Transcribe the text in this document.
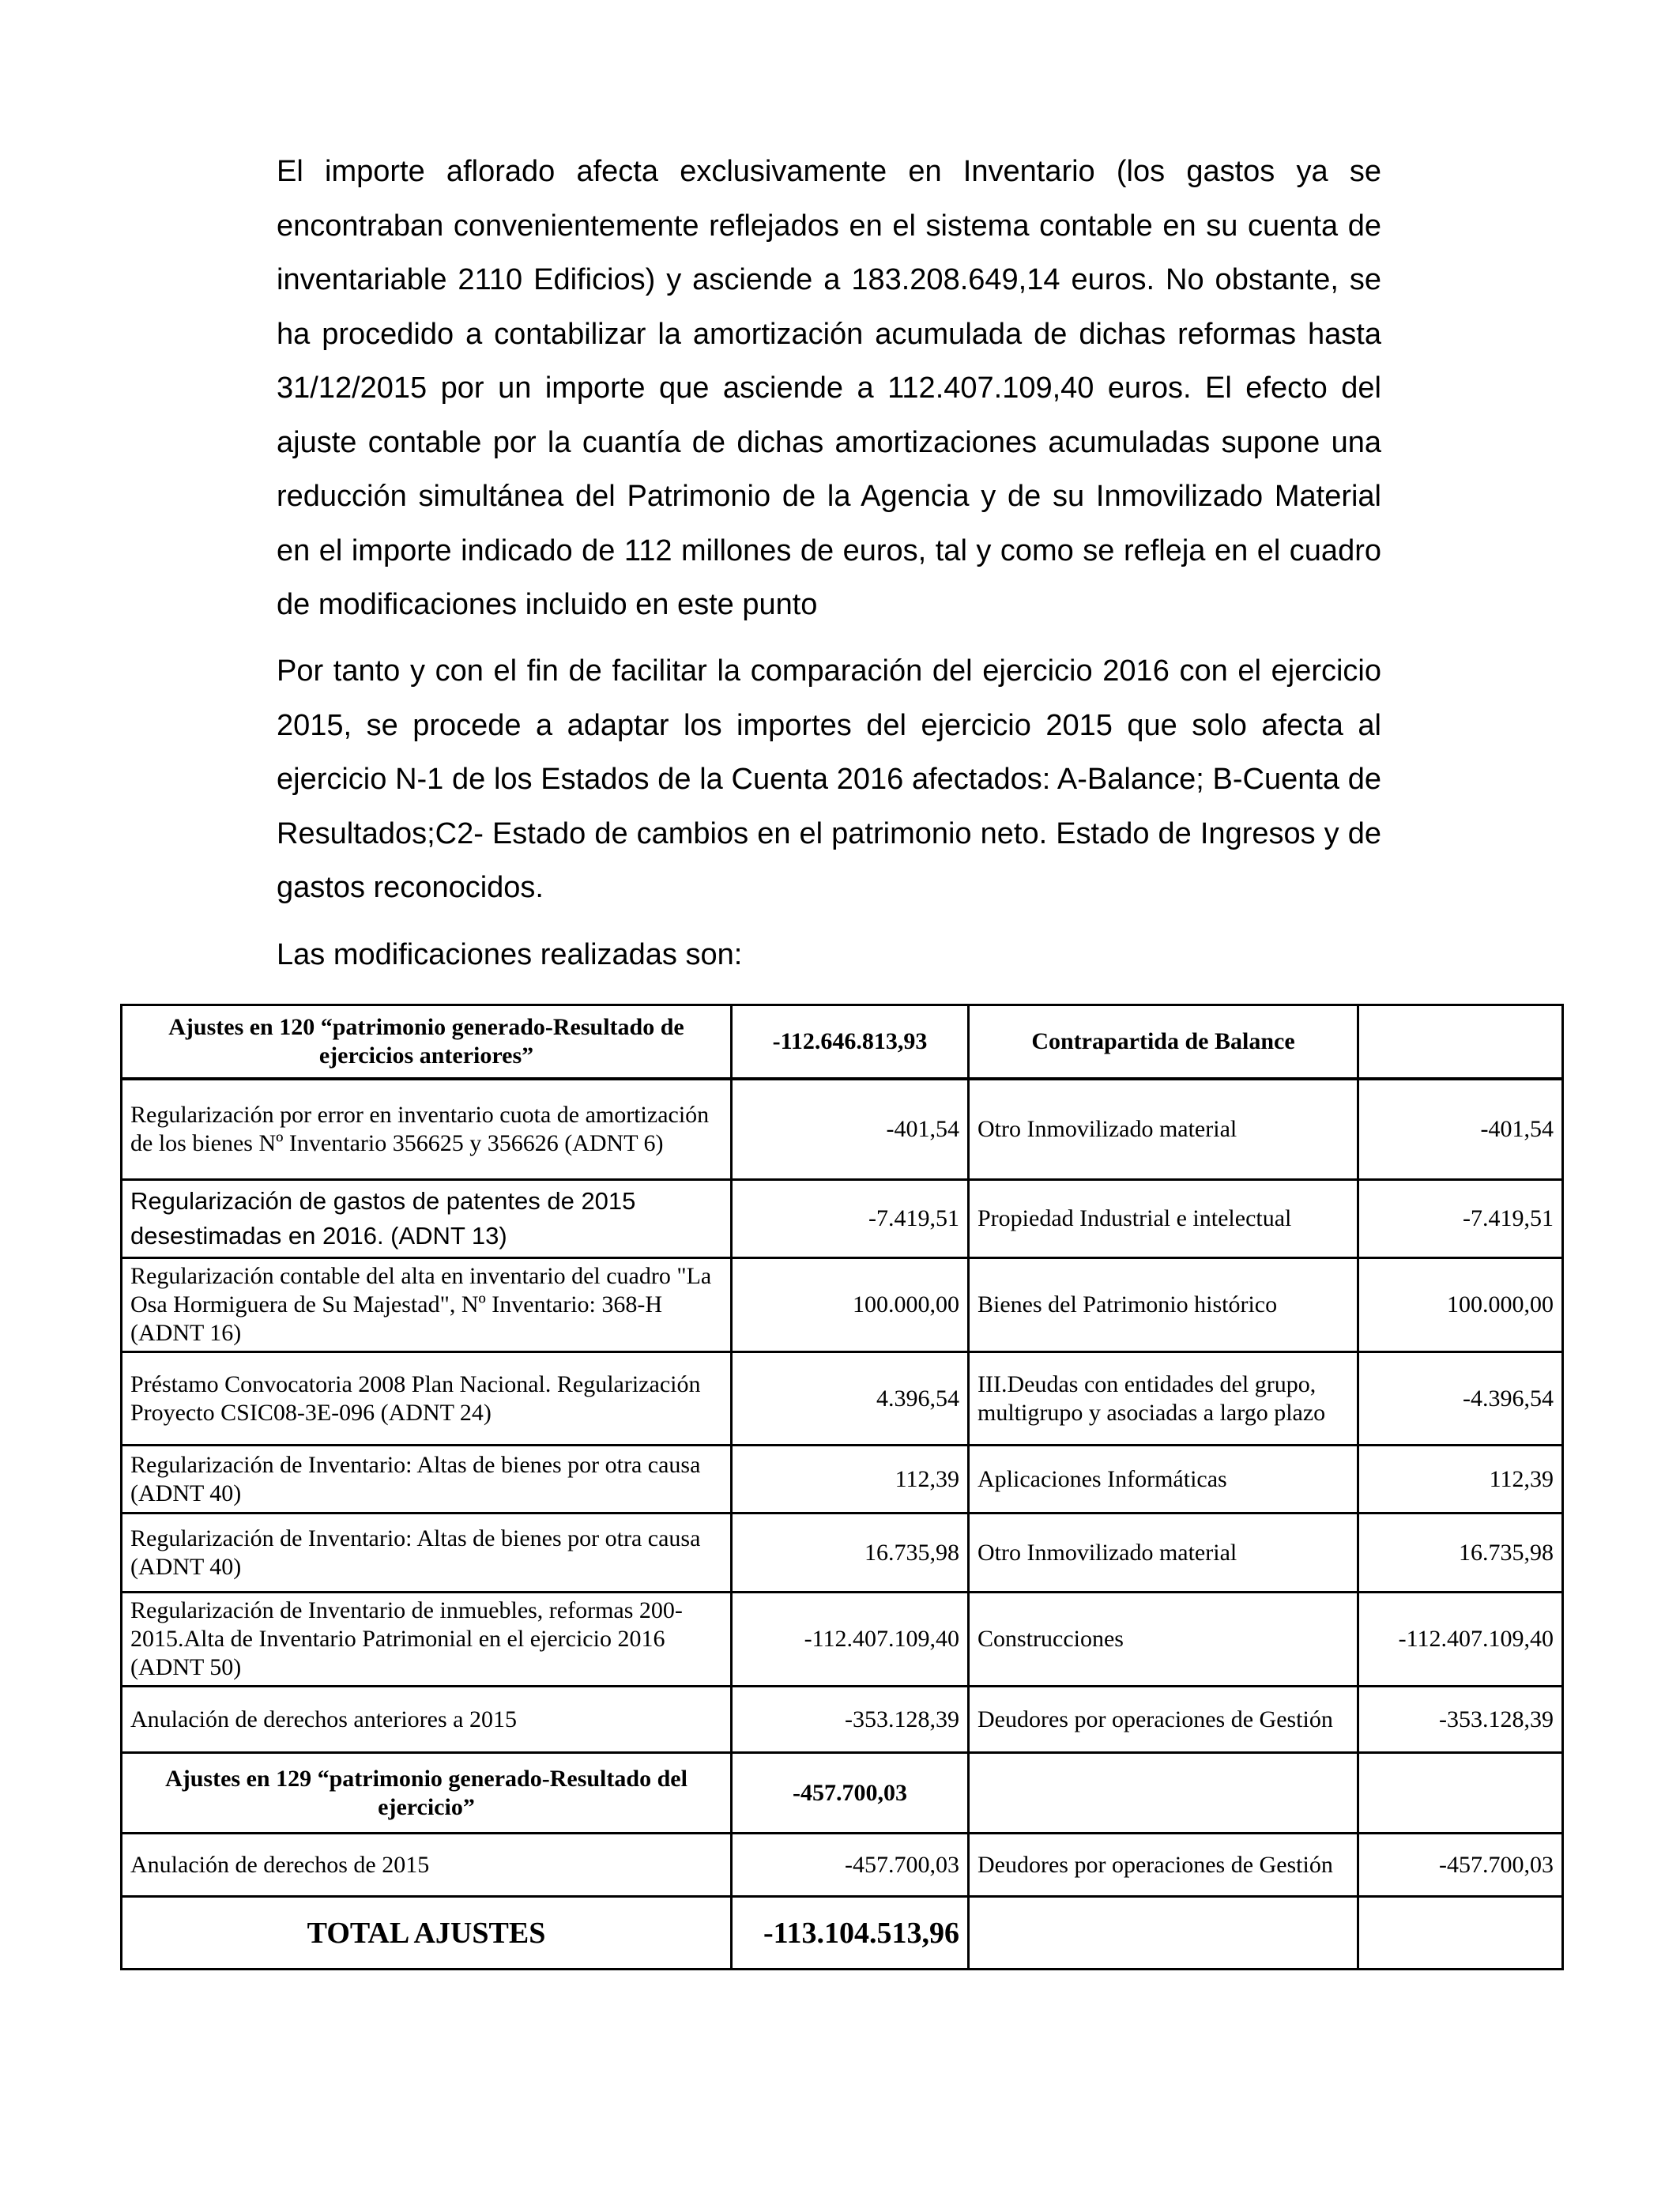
El importe aflorado afecta exclusivamente en Inventario (los gastos ya se encontraban convenientemente reflejados en el sistema contable en su cuenta de inventariable 2110 Edificios) y asciende a 183.208.649,14 euros. No obstante, se ha procedido a contabilizar la amortización acumulada de dichas reformas hasta 31/12/2015 por un importe que asciende a 112.407.109,40 euros. El efecto del ajuste contable por la cuantía de dichas amortizaciones acumuladas supone una reducción simultánea del Patrimonio de la Agencia y de su Inmovilizado Material en el importe indicado de 112 millones de euros, tal y como se refleja en el cuadro de modificaciones incluido en este punto

Por tanto y con el fin de facilitar la comparación del ejercicio 2016 con el ejercicio 2015, se procede a adaptar los importes del ejercicio 2015 que solo afecta al ejercicio N-1 de los Estados de la Cuenta 2016 afectados: A-Balance; B-Cuenta de Resultados;C2- Estado de cambios en el patrimonio neto. Estado de Ingresos y de gastos reconocidos.

Las modificaciones realizadas son:

Ajustes en 120 “patrimonio generado-Resultado de ejercicios anteriores”	-112.646.813,93	Contrapartida de Balance	
Regularización por error en inventario cuota de amortización de los bienes Nº Inventario 356625 y 356626 (ADNT 6)	-401,54	Otro Inmovilizado material	-401,54
Regularización de gastos de patentes de 2015 desestimadas en 2016. (ADNT 13)	-7.419,51	Propiedad Industrial e intelectual	-7.419,51
Regularización contable del alta en inventario del cuadro "La Osa Hormiguera de Su Majestad", Nº Inventario: 368-H (ADNT 16)	100.000,00	Bienes del Patrimonio histórico	100.000,00
Préstamo Convocatoria 2008 Plan Nacional. Regularización Proyecto CSIC08-3E-096 (ADNT 24)	4.396,54	III.Deudas con entidades del grupo, multigrupo y asociadas a largo plazo	-4.396,54
Regularización de Inventario: Altas de bienes por otra causa (ADNT 40)	112,39	Aplicaciones Informáticas	112,39
Regularización de Inventario: Altas de bienes por otra causa (ADNT 40)	16.735,98	Otro Inmovilizado material	16.735,98
Regularización de Inventario de inmuebles, reformas 200-2015.Alta de Inventario Patrimonial en el ejercicio 2016 (ADNT 50)	-112.407.109,40	Construcciones	-112.407.109,40
Anulación de derechos anteriores a 2015	-353.128,39	Deudores por operaciones de Gestión	-353.128,39
Ajustes en 129 “patrimonio generado-Resultado del ejercicio”	-457.700,03		
Anulación de derechos de 2015	-457.700,03	Deudores por operaciones de Gestión	-457.700,03
TOTAL AJUSTES	-113.104.513,96		
